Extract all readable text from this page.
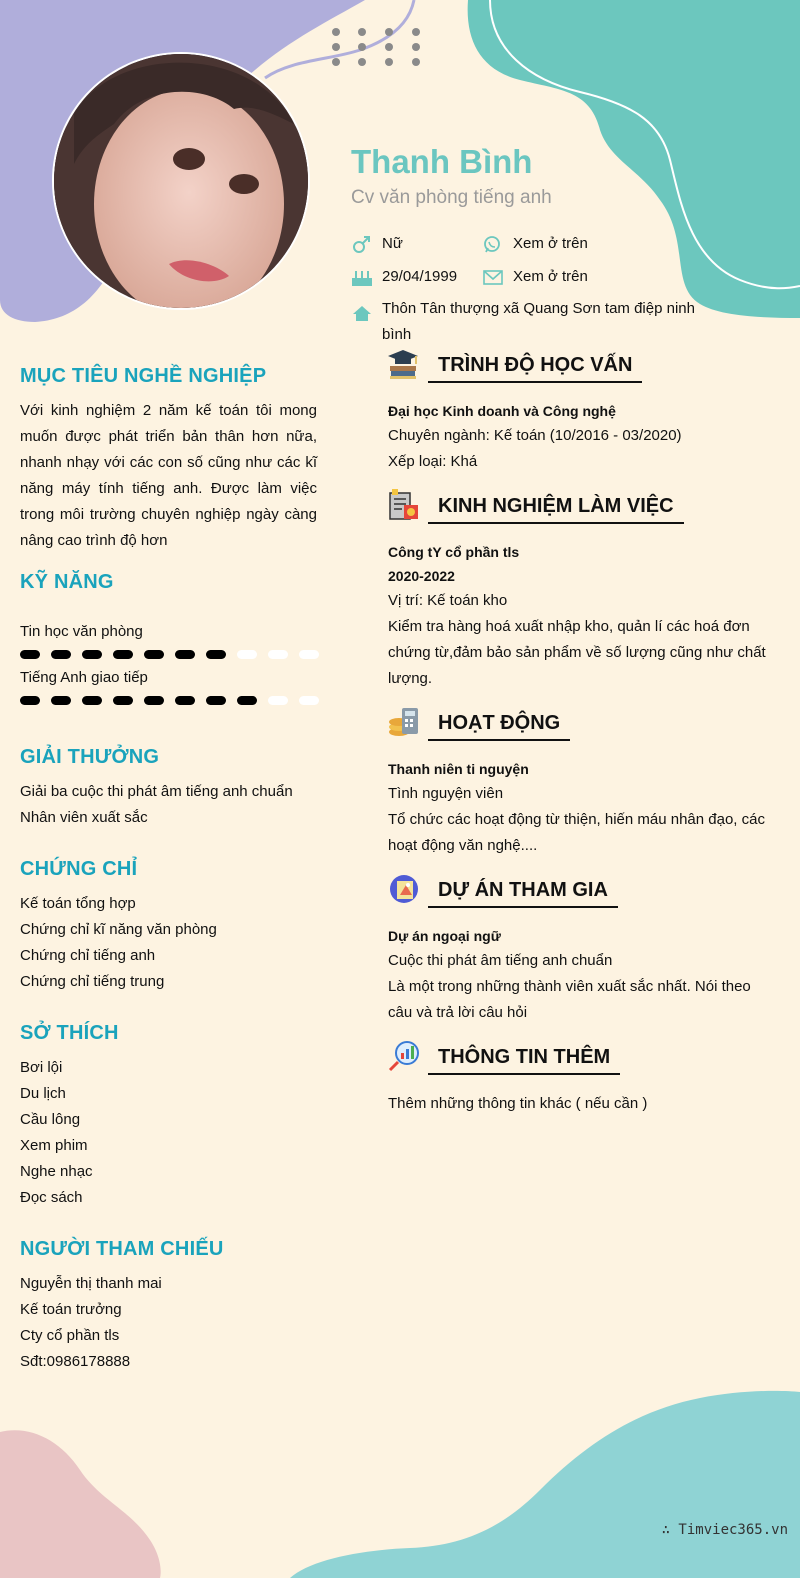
Thanh Bình
Cv văn phòng tiếng anh
Nữ	Xem ở trên
29/04/1999	Xem ở trên
Thôn Tân thượng xã Quang Sơn tam điệp ninh
bình
MỤC TIÊU NGHỀ NGHIỆP
Với kinh nghiệm 2 năm kế toán tôi mong muốn được phát triển bản thân hơn nữa, nhanh nhạy với các con số cũng như các kĩ năng máy tính tiếng anh. Được làm việc trong môi trường chuyên nghiệp ngày càng nâng cao trình độ hơn
KỸ NĂNG
Tin học văn phòng
Tiếng Anh giao tiếp
GIẢI THƯỞNG
Giải ba cuộc thi phát âm tiếng anh chuẩn
Nhân viên xuất sắc
CHỨNG CHỈ
Kế toán tổng hợp
Chứng chỉ kĩ năng văn phòng
Chứng chỉ tiếng anh
Chứng chỉ tiếng trung
SỞ THÍCH
Bơi lội
Du lịch
Cầu lông
Xem phim
Nghe nhạc
Đọc sách
NGƯỜI THAM CHIẾU
Nguyễn thị thanh mai
Kế toán trưởng
Cty cổ phần tls
Sđt:0986178888
TRÌNH ĐỘ HỌC VẤN
Đại học Kinh doanh và Công nghệ
Chuyên ngành: Kế toán (10/2016 - 03/2020)
Xếp loại: Khá
KINH NGHIỆM LÀM VIỆC
Công tY cổ phần tls
2020-2022
Vị trí: Kế toán kho
Kiểm tra hàng hoá xuất nhập kho, quản lí các hoá đơn chứng từ,đảm bảo sản phẩm về số lượng cũng như chất lượng.
HOẠT ĐỘNG
Thanh niên ti nguyện
Tình nguyện viên
Tổ chức các hoạt động từ thiện, hiến máu nhân đạo, các hoạt động văn nghệ....
DỰ ÁN THAM GIA
Dự án ngoại ngữ
Cuộc thi phát âm tiếng anh chuẩn
Là một trong những thành viên xuất sắc nhất. Nói theo câu và trả lời câu hỏi
THÔNG TIN THÊM
Thêm những thông tin khác ( nếu cần )
∴ Timviec365.vn
